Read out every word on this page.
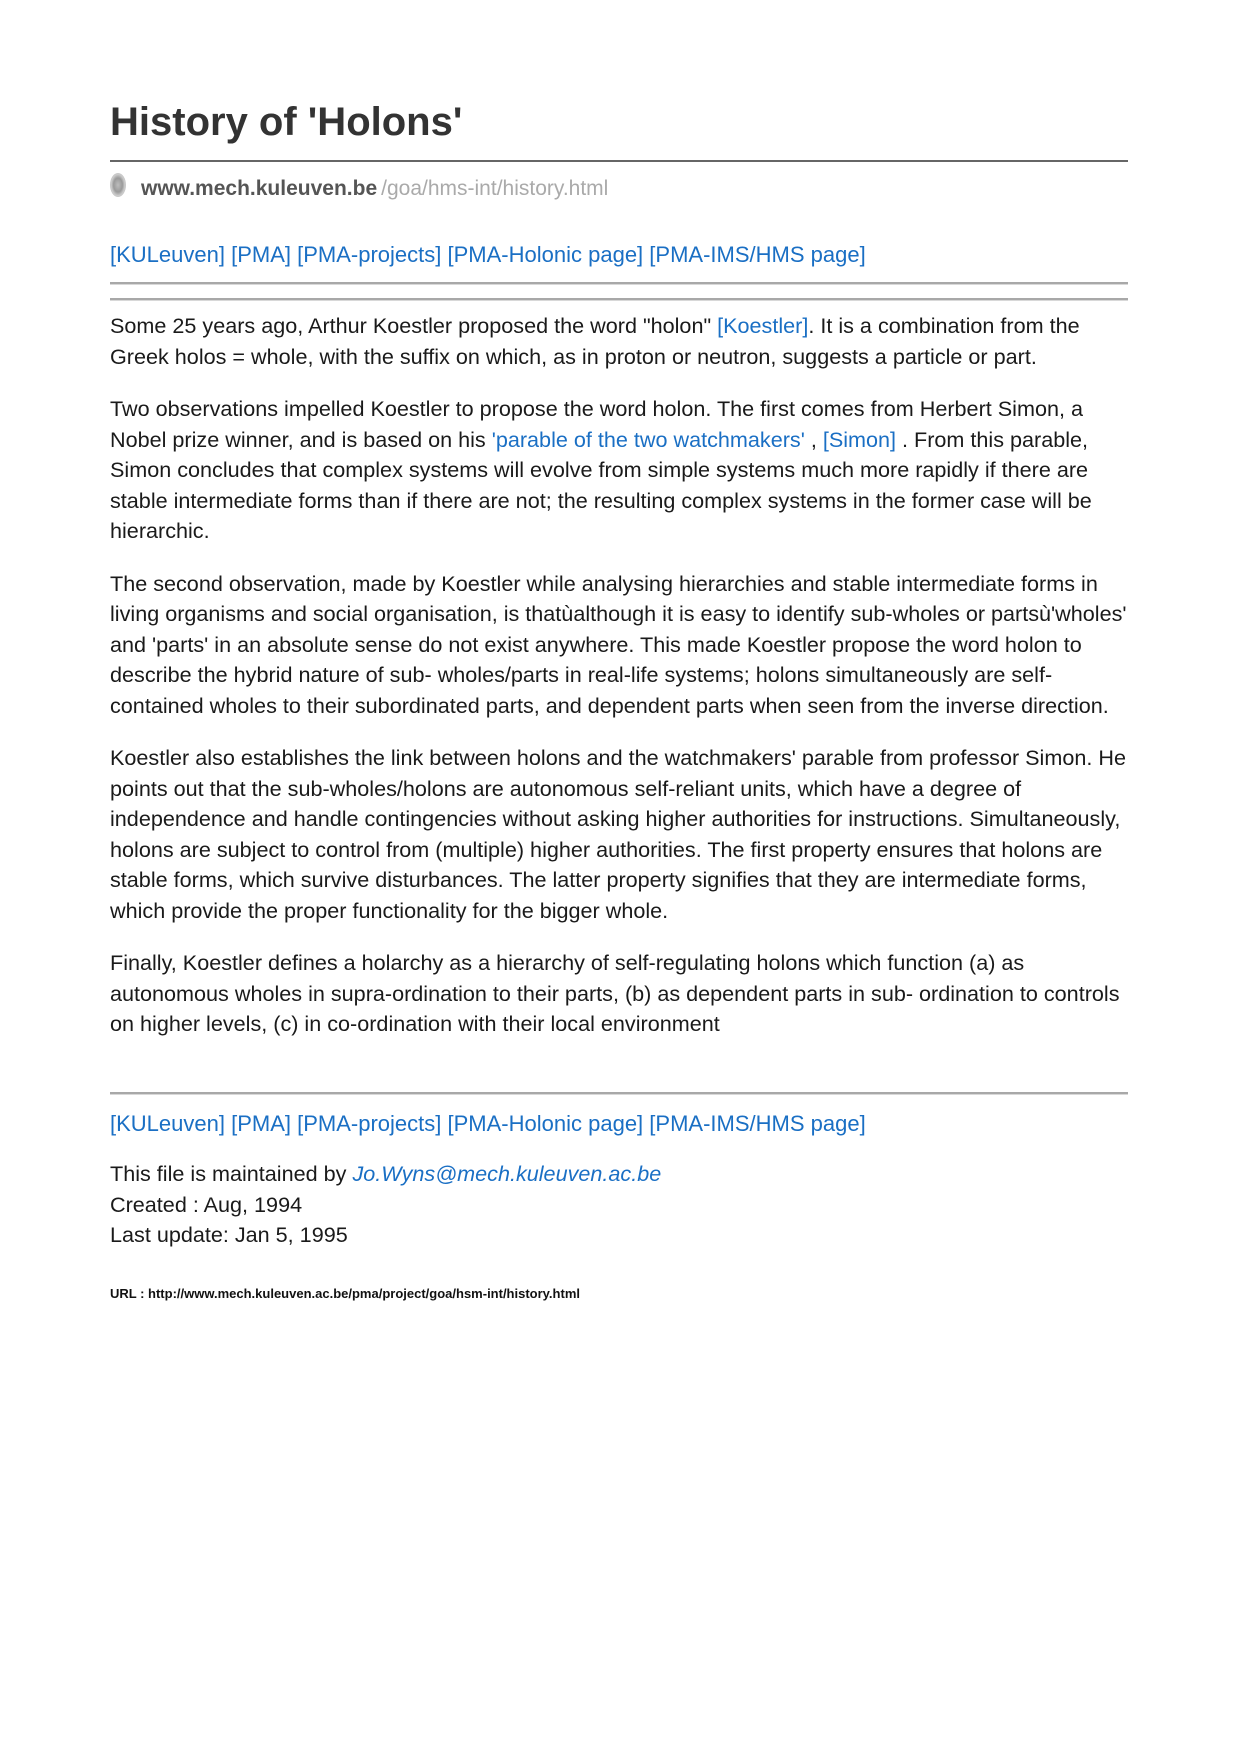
History of 'Holons'
www.mech.kuleuven.be /goa/hms-int/history.html
[KULeuven] [PMA] [PMA-projects] [PMA-Holonic page] [PMA-IMS/HMS page]

Some 25 years ago, Arthur Koestler proposed the word "holon" [Koestler]. It is a combination from the Greek holos = whole, with the suffix on which, as in proton or neutron, suggests a particle or part.

Two observations impelled Koestler to propose the word holon. The first comes from Herbert Simon, a Nobel prize winner, and is based on his 'parable of the two watchmakers' , [Simon] . From this parable, Simon concludes that complex systems will evolve from simple systems much more rapidly if there are stable intermediate forms than if there are not; the resulting complex systems in the former case will be hierarchic.

The second observation, made by Koestler while analysing hierarchies and stable intermediate forms in living organisms and social organisation, is thatùalthough it is easy to identify sub-wholes or partsù'wholes' and 'parts' in an absolute sense do not exist anywhere. This made Koestler propose the word holon to describe the hybrid nature of sub- wholes/parts in real-life systems; holons simultaneously are self-contained wholes to their subordinated parts, and dependent parts when seen from the inverse direction.

Koestler also establishes the link between holons and the watchmakers' parable from professor Simon. He points out that the sub-wholes/holons are autonomous self-reliant units, which have a degree of independence and handle contingencies without asking higher authorities for instructions. Simultaneously, holons are subject to control from (multiple) higher authorities. The first property ensures that holons are stable forms, which survive disturbances. The latter property signifies that they are intermediate forms, which provide the proper functionality for the bigger whole.

Finally, Koestler defines a holarchy as a hierarchy of self-regulating holons which function (a) as autonomous wholes in supra-ordination to their parts, (b) as dependent parts in sub- ordination to controls on higher levels, (c) in co-ordination with their local environment

[KULeuven] [PMA] [PMA-projects] [PMA-Holonic page] [PMA-IMS/HMS page]
This file is maintained by Jo.Wyns@mech.kuleuven.ac.be
Created : Aug, 1994
Last update: Jan 5, 1995
URL : http://www.mech.kuleuven.ac.be/pma/project/goa/hsm-int/history.html
